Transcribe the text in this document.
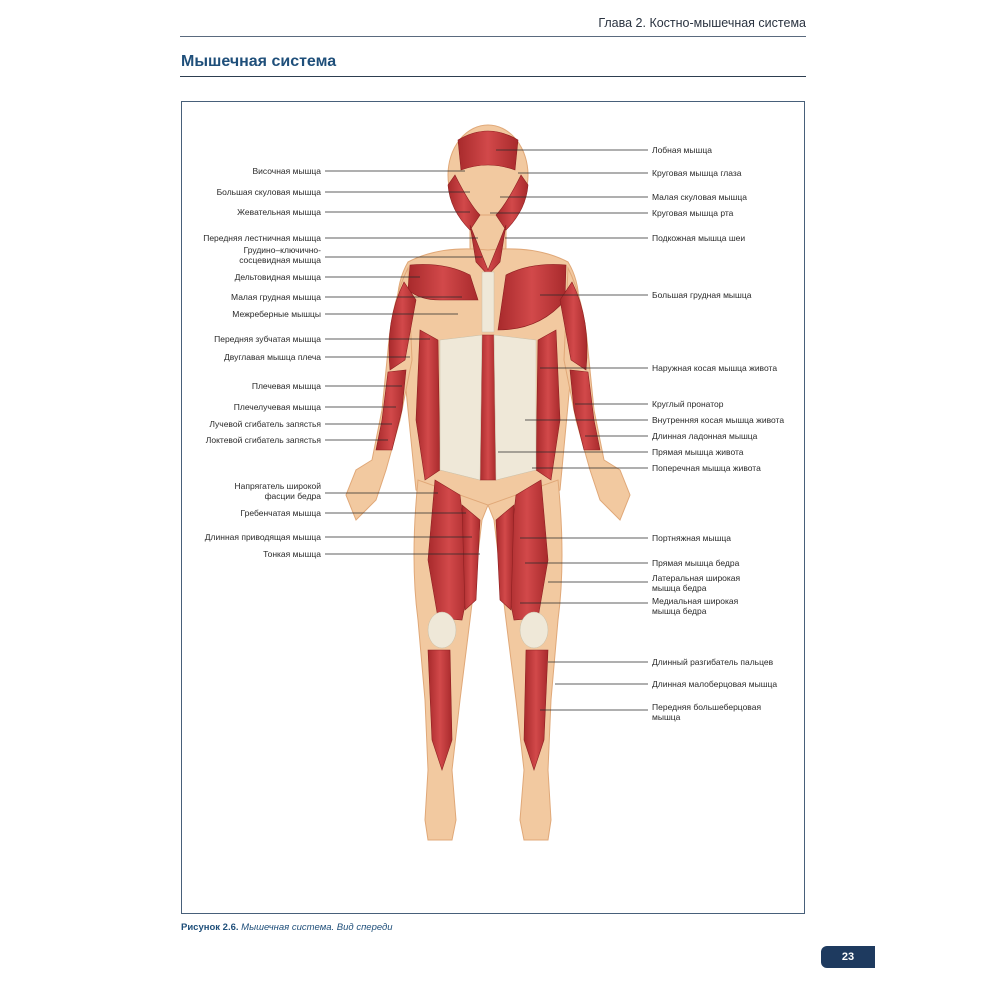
Глава 2. Костно-мышечная система
Мышечная система
Височная мышца
Большая скуловая мышца
Жевательная мышца
Передняя лестничная мышца
Грудино–ключично-
сосцевидная мышца
Дельтовидная мышца
Малая грудная мышца
Межреберные мышцы
Передняя зубчатая мышца
Двуглавая мышца плеча
Плечевая мышца
Плечелучевая мышца
Лучевой сгибатель запястья
Локтевой сгибатель запястья
Напрягатель широкой
фасции бедра
Гребенчатая мышца
Длинная приводящая мышца
Тонкая мышца
Лобная мышца
Круговая мышца глаза
Малая скуловая мышца
Круговая мышца рта
Подкожная мышца шеи
Большая грудная мышца
Наружная косая мышца живота
Круглый пронатор
Внутренняя косая мышца живота
Длинная ладонная мышца
Прямая мышца живота
Поперечная мышца живота
Портняжная мышца
Прямая мышца бедра
Латеральная широкая
мышца бедра
Медиальная широкая
мышца бедра
Длинный разгибатель пальцев
Длинная малоберцовая мышца
Передняя большеберцовая
мышца
Рисунок 2.6. Мышечная система. Вид спереди
23
